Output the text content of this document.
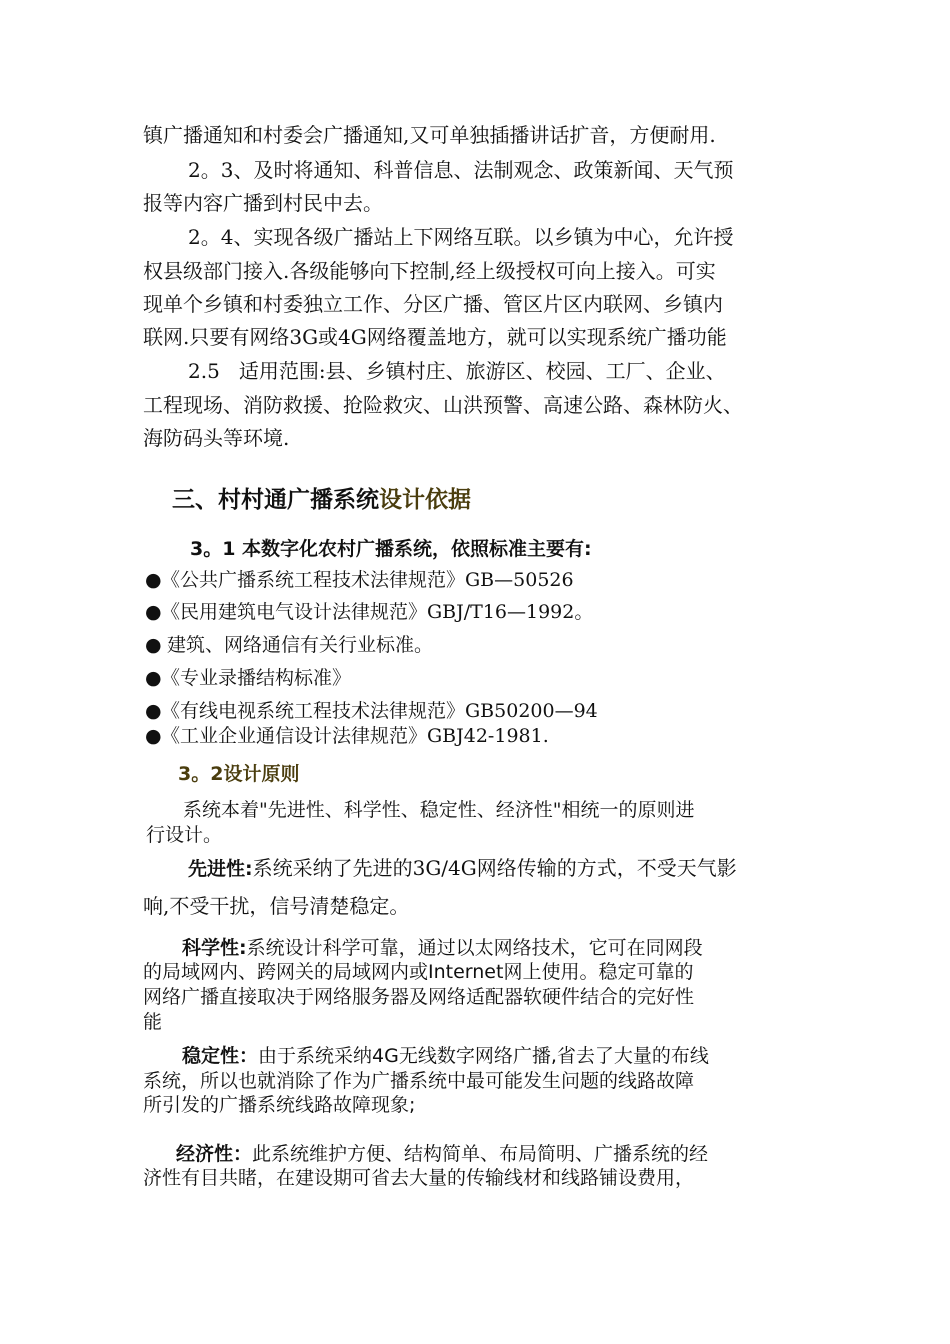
镇广播通知和村委会广播通知,又可单独插播讲话扩音，方便耐用.
2。3、及时将通知、科普信息、法制观念、政策新闻、天气预
报等内容广播到村民中去。
2。4、实现各级广播站上下网络互联。以乡镇为中心，允许授
权县级部门接入.各级能够向下控制,经上级授权可向上接入。可实
现单个乡镇和村委独立工作、分区广播、管区片区内联网、乡镇内
联网.只要有网络3G或4G网络覆盖地方，就可以实现系统广播功能
2.5   适用范围:县、乡镇村庄、旅游区、校园、工厂、企业、
工程现场、消防救援、抢险救灾、山洪预警、高速公路、森林防火、
海防码头等环境.
三、村村通广播系统设计依据
3。1 本数字化农村广播系统，依照标准主要有:
●《公共广播系统工程技术法律规范》GB—50526
●《民用建筑电气设计法律规范》GBJ/T16—1992。
● 建筑、网络通信有关行业标准。
●《专业录播结构标准》
●《有线电视系统工程技术法律规范》GB50200—94
●《工业企业通信设计法律规范》GBJ42-1981.
3。2设计原则
系统本着"先进性、科学性、稳定性、经济性"相统一的原则进
行设计。
先进性:系统采纳了先进的3G/4G网络传输的方式，不受天气影
响,不受干扰，信号清楚稳定。
科学性:系统设计科学可靠，通过以太网络技术，它可在同网段
的局域网内、跨网关的局域网内或Internet网上使用。稳定可靠的
网络广播直接取决于网络服务器及网络适配器软硬件结合的完好性
能
稳定性：由于系统采纳4G无线数字网络广播,省去了大量的布线
系统，所以也就消除了作为广播系统中最可能发生问题的线路故障
所引发的广播系统线路故障现象;
经济性：此系统维护方便、结构简单、布局简明、广播系统的经
济性有目共睹，在建设期可省去大量的传输线材和线路铺设费用，
